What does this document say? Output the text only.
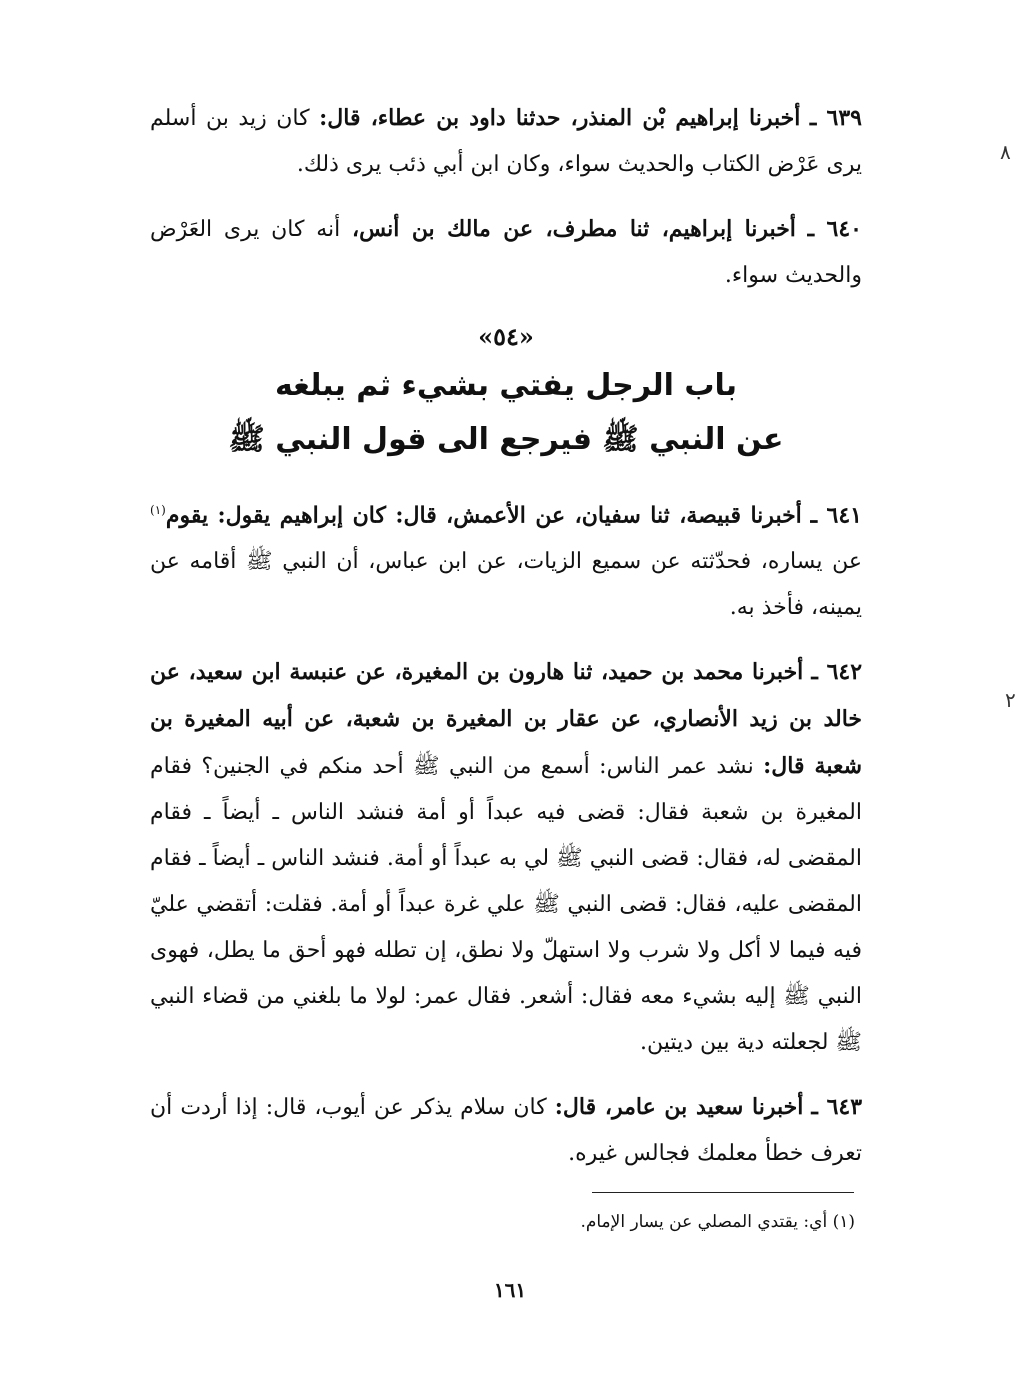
٦٣٩ ـ أخبرنا إبراهيم بْن المنذر، حدثنا داود بن عطاء، قال: كان زيد بن أسلم يرى عَرْض الكتاب والحديث سواء، وكان ابن أبي ذئب يرى ذلك.

٦٤٠ ـ أخبرنا إبراهيم، ثنا مطرف، عن مالك بن أنس، أنه كان يرى العَرْض والحديث سواء.

«٥٤»
باب الرجل يفتي بشيء ثم يبلغه
عن النبي ﷺ فيرجع الى قول النبي ﷺ

٦٤١ ـ أخبرنا قبيصة، ثنا سفيان، عن الأعمش، قال: كان إبراهيم يقول: يقوم$^{(١)}$ عن يساره، فحدّثته عن سميع الزيات، عن ابن عباس، أن النبي ﷺ أقامه عن يمينه، فأخذ به.

٦٤٢ ـ أخبرنا محمد بن حميد، ثنا هارون بن المغيرة، عن عنبسة ابن سعيد، عن خالد بن زيد الأنصاري، عن عقار بن المغيرة بن شعبة، عن أبيه المغيرة بن شعبة قال: نشد عمر الناس: أسمع من النبي ﷺ أحد منكم في الجنين؟ فقام المغيرة بن شعبة فقال: قضى فيه عبداً أو أمة فنشد الناس ـ أيضاً ـ فقام المقضى له، فقال: قضى النبي ﷺ لي به عبداً أو أمة. فنشد الناس ـ أيضاً ـ فقام المقضى عليه، فقال: قضى النبي ﷺ علي غرة عبداً أو أمة. فقلت: أتقضي عليّ فيه فيما لا أكل ولا شرب ولا استهلّ ولا نطق، إن تطله فهو أحق ما يطل، فهوى النبي ﷺ إليه بشيء معه فقال: أشعر. فقال عمر: لولا ما بلغني من قضاء النبي ﷺ لجعلته دية بين ديتين.

٦٤٣ ـ أخبرنا سعيد بن عامر، قال: كان سلام يذكر عن أيوب، قال: إذا أردت أن تعرف خطأ معلمك فجالس غيره.

(١) أي: يقتدي المصلي عن يسار الإمام.
١٦١
٨
٢
